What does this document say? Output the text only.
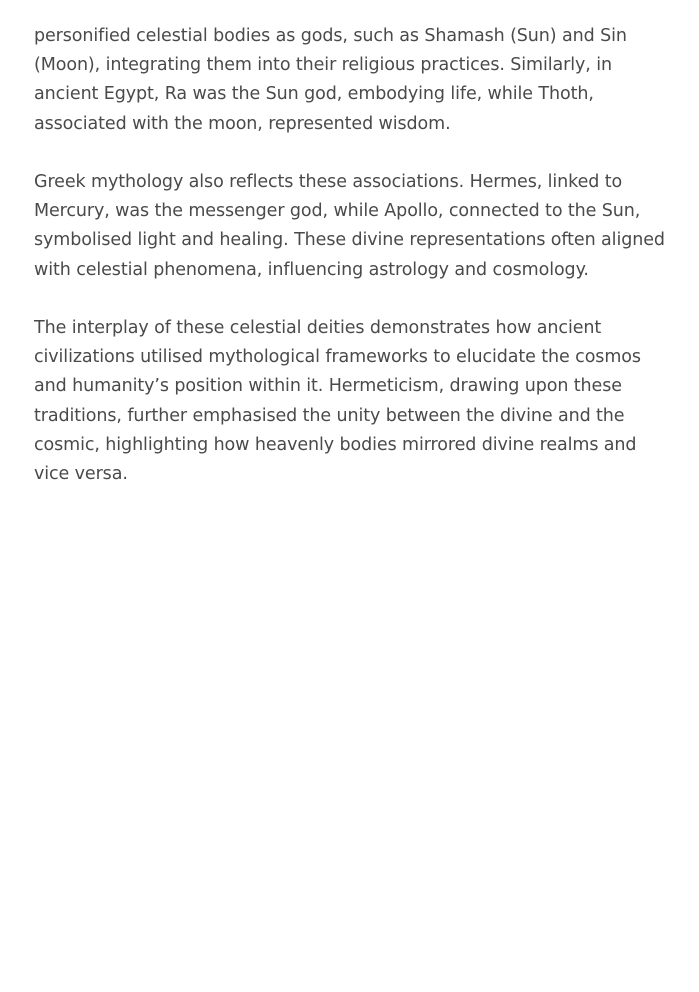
personified celestial bodies as gods, such as Shamash (Sun) and Sin (Moon), integrating them into their religious practices. Similarly, in ancient Egypt, Ra was the Sun god, embodying life, while Thoth, associated with the moon, represented wisdom.

Greek mythology also reflects these associations. Hermes, linked to Mercury, was the messenger god, while Apollo, connected to the Sun, symbolised light and healing. These divine representations often aligned with celestial phenomena, influencing astrology and cosmology.

The interplay of these celestial deities demonstrates how ancient civilizations utilised mythological frameworks to elucidate the cosmos and humanity’s position within it. Hermeticism, drawing upon these traditions, further emphasised the unity between the divine and the cosmic, highlighting how heavenly bodies mirrored divine realms and vice versa.
